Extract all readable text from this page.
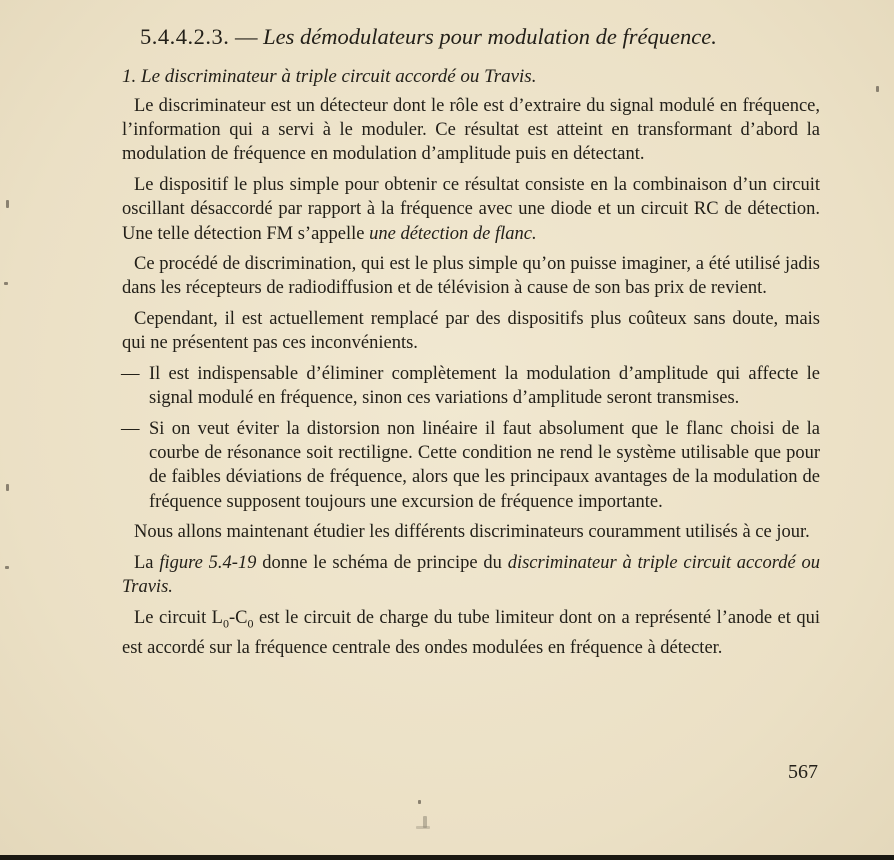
5.4.4.2.3. — Les démodulateurs pour modulation de fréquence.
1. Le discriminateur à triple circuit accordé ou Travis.

Le discriminateur est un détecteur dont le rôle est d’extraire du signal modulé en fréquence, l’information qui a servi à le moduler. Ce résultat est atteint en transformant d’abord la modulation de fréquence en modulation d’amplitude puis en détectant.

Le dispositif le plus simple pour obtenir ce résultat consiste en la combinaison d’un circuit oscillant désaccordé par rapport à la fréquence avec une diode et un circuit RC de détection. Une telle détection FM s’appelle une détection de flanc.

Ce procédé de discrimination, qui est le plus simple qu’on puisse imaginer, a été utilisé jadis dans les récepteurs de radiodiffusion et de télévision à cause de son bas prix de revient.

Cependant, il est actuellement remplacé par des dispositifs plus coûteux sans doute, mais qui ne présentent pas ces inconvénients.

— Il est indispensable d’éliminer complètement la modulation d’amplitude qui affecte le signal modulé en fréquence, sinon ces variations d’amplitude seront transmises.
— Si on veut éviter la distorsion non linéaire il faut absolument que le flanc choisi de la courbe de résonance soit rectiligne. Cette condition ne rend le système utilisable que pour de faibles déviations de fréquence, alors que les principaux avantages de la modulation de fréquence supposent toujours une excursion de fréquence importante.

Nous allons maintenant étudier les différents discriminateurs couramment utilisés à ce jour.

La figure 5.4-19 donne le schéma de principe du discriminateur à triple circuit accordé ou Travis.

Le circuit $L_0-C_0$ est le circuit de charge du tube limiteur dont on a représenté l’anode et qui est accordé sur la fréquence centrale des ondes modulées en fréquence à détecter.

567
